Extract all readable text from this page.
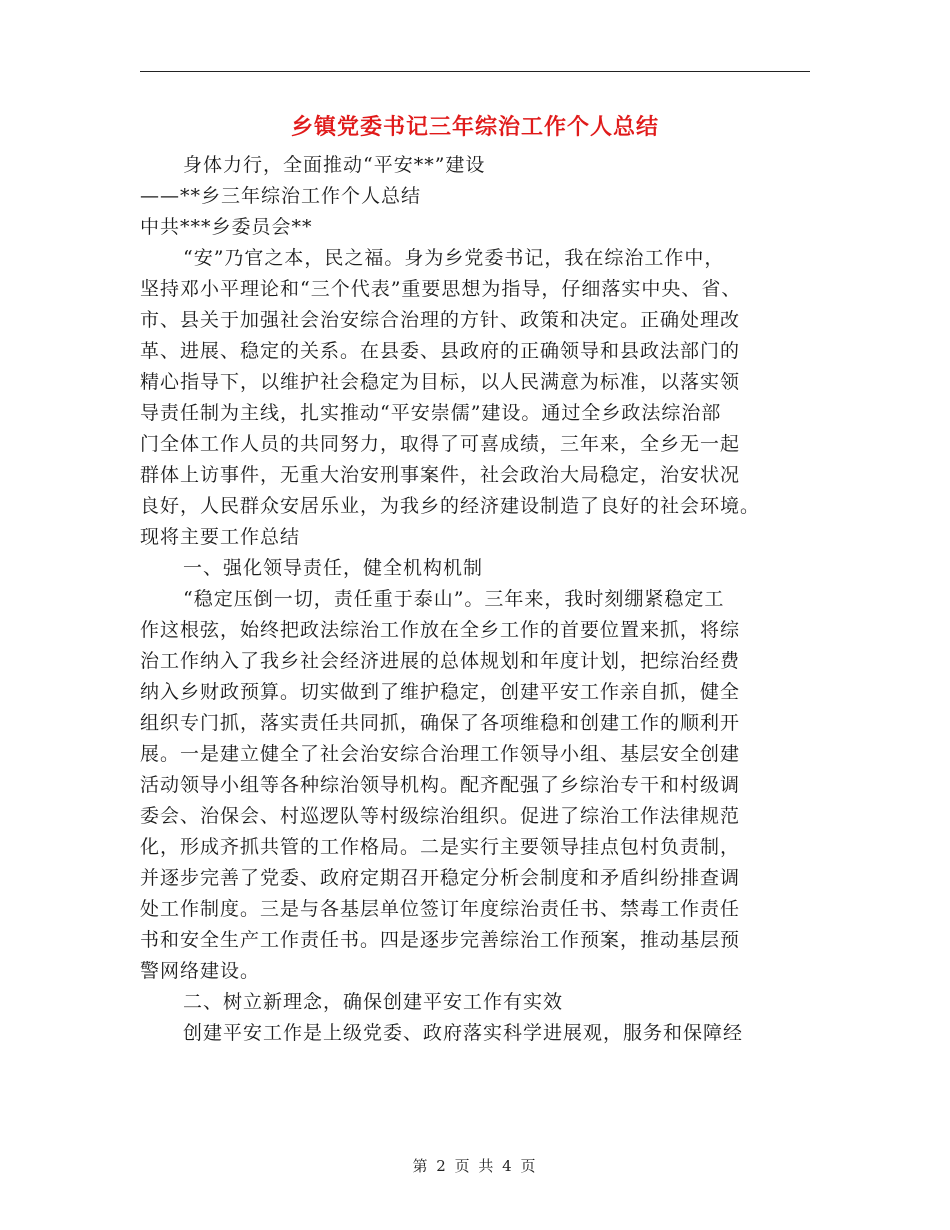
乡镇党委书记三年综治工作个人总结
身体力行，全面推动“平安**”建设
——**乡三年综治工作个人总结
中共***乡委员会**
“安”乃官之本，民之福。身为乡党委书记，我在综治工作中，
坚持邓小平理论和“三个代表”重要思想为指导，仔细落实中央、省、
市、县关于加强社会治安综合治理的方针、政策和决定。正确处理改
革、进展、稳定的关系。在县委、县政府的正确领导和县政法部门的
精心指导下，以维护社会稳定为目标，以人民满意为标准，以落实领
导责任制为主线，扎实推动“平安崇儒”建设。通过全乡政法综治部
门全体工作人员的共同努力，取得了可喜成绩，三年来，全乡无一起
群体上访事件，无重大治安刑事案件，社会政治大局稳定，治安状况
良好，人民群众安居乐业，为我乡的经济建设制造了良好的社会环境。
现将主要工作总结
一、强化领导责任，健全机构机制
“稳定压倒一切，责任重于泰山”。三年来，我时刻绷紧稳定工
作这根弦，始终把政法综治工作放在全乡工作的首要位置来抓，将综
治工作纳入了我乡社会经济进展的总体规划和年度计划，把综治经费
纳入乡财政预算。切实做到了维护稳定，创建平安工作亲自抓，健全
组织专门抓，落实责任共同抓，确保了各项维稳和创建工作的顺利开
展。一是建立健全了社会治安综合治理工作领导小组、基层安全创建
活动领导小组等各种综治领导机构。配齐配强了乡综治专干和村级调
委会、治保会、村巡逻队等村级综治组织。促进了综治工作法律规范
化，形成齐抓共管的工作格局。二是实行主要领导挂点包村负责制，
并逐步完善了党委、政府定期召开稳定分析会制度和矛盾纠纷排查调
处工作制度。三是与各基层单位签订年度综治责任书、禁毒工作责任
书和安全生产工作责任书。四是逐步完善综治工作预案，推动基层预
警网络建设。
二、树立新理念，确保创建平安工作有实效
创建平安工作是上级党委、政府落实科学进展观，服务和保障经
第 2 页 共 4 页
